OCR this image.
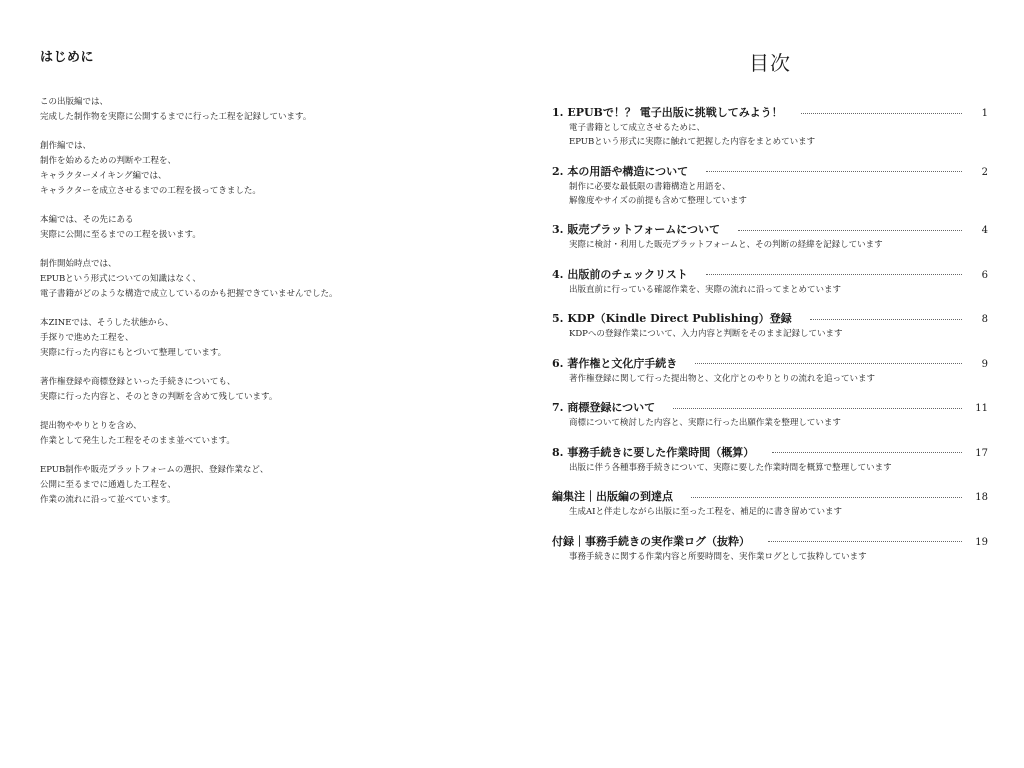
はじめに

この出版編では、
完成した制作物を実際に公開するまでに行った工程を記録しています。

創作編では、
制作を始めるための判断や工程を、
キャラクターメイキング編では、
キャラクターを成立させるまでの工程を扱ってきました。

本編では、その先にある
実際に公開に至るまでの工程を扱います。

制作開始時点では、
EPUBという形式についての知識はなく、
電子書籍がどのような構造で成立しているのかも把握できていませんでした。

本ZINEでは、そうした状態から、
手探りで進めた工程を、
実際に行った内容にもとづいて整理しています。

著作権登録や商標登録といった手続きについても、
実際に行った内容と、そのときの判断を含めて残しています。

提出物ややりとりを含め、
作業として発生した工程をそのまま並べています。

EPUB制作や販売プラットフォームの選択、登録作業など、
公開に至るまでに通過した工程を、
作業の流れに沿って並べています。

目次
1. EPUBで！？ 電子出版に挑戦してみよう！	1
電子書籍として成立させるために、
EPUBという形式に実際に触れて把握した内容をまとめています
2. 本の用語や構造について	2
制作に必要な最低限の書籍構造と用語を、
解像度やサイズの前提も含めて整理しています
3. 販売プラットフォームについて	4
実際に検討・利用した販売プラットフォームと、その判断の経緯を記録しています
4. 出版前のチェックリスト	6
出版直前に行っている確認作業を、実際の流れに沿ってまとめています
5. KDP（Kindle Direct Publishing）登録	8
KDPへの登録作業について、入力内容と判断をそのまま記録しています
6. 著作権と文化庁手続き	9
著作権登録に関して行った提出物と、文化庁とのやりとりの流れを追っています
7. 商標登録について	11
商標について検討した内容と、実際に行った出願作業を整理しています
8. 事務手続きに要した作業時間（概算）	17
出版に伴う各種事務手続きについて、実際に要した作業時間を概算で整理しています
編集注｜出版編の到達点	18
生成AIと伴走しながら出版に至った工程を、補足的に書き留めています
付録｜事務手続きの実作業ログ（抜粋）	19
事務手続きに関する作業内容と所要時間を、実作業ログとして抜粋しています
